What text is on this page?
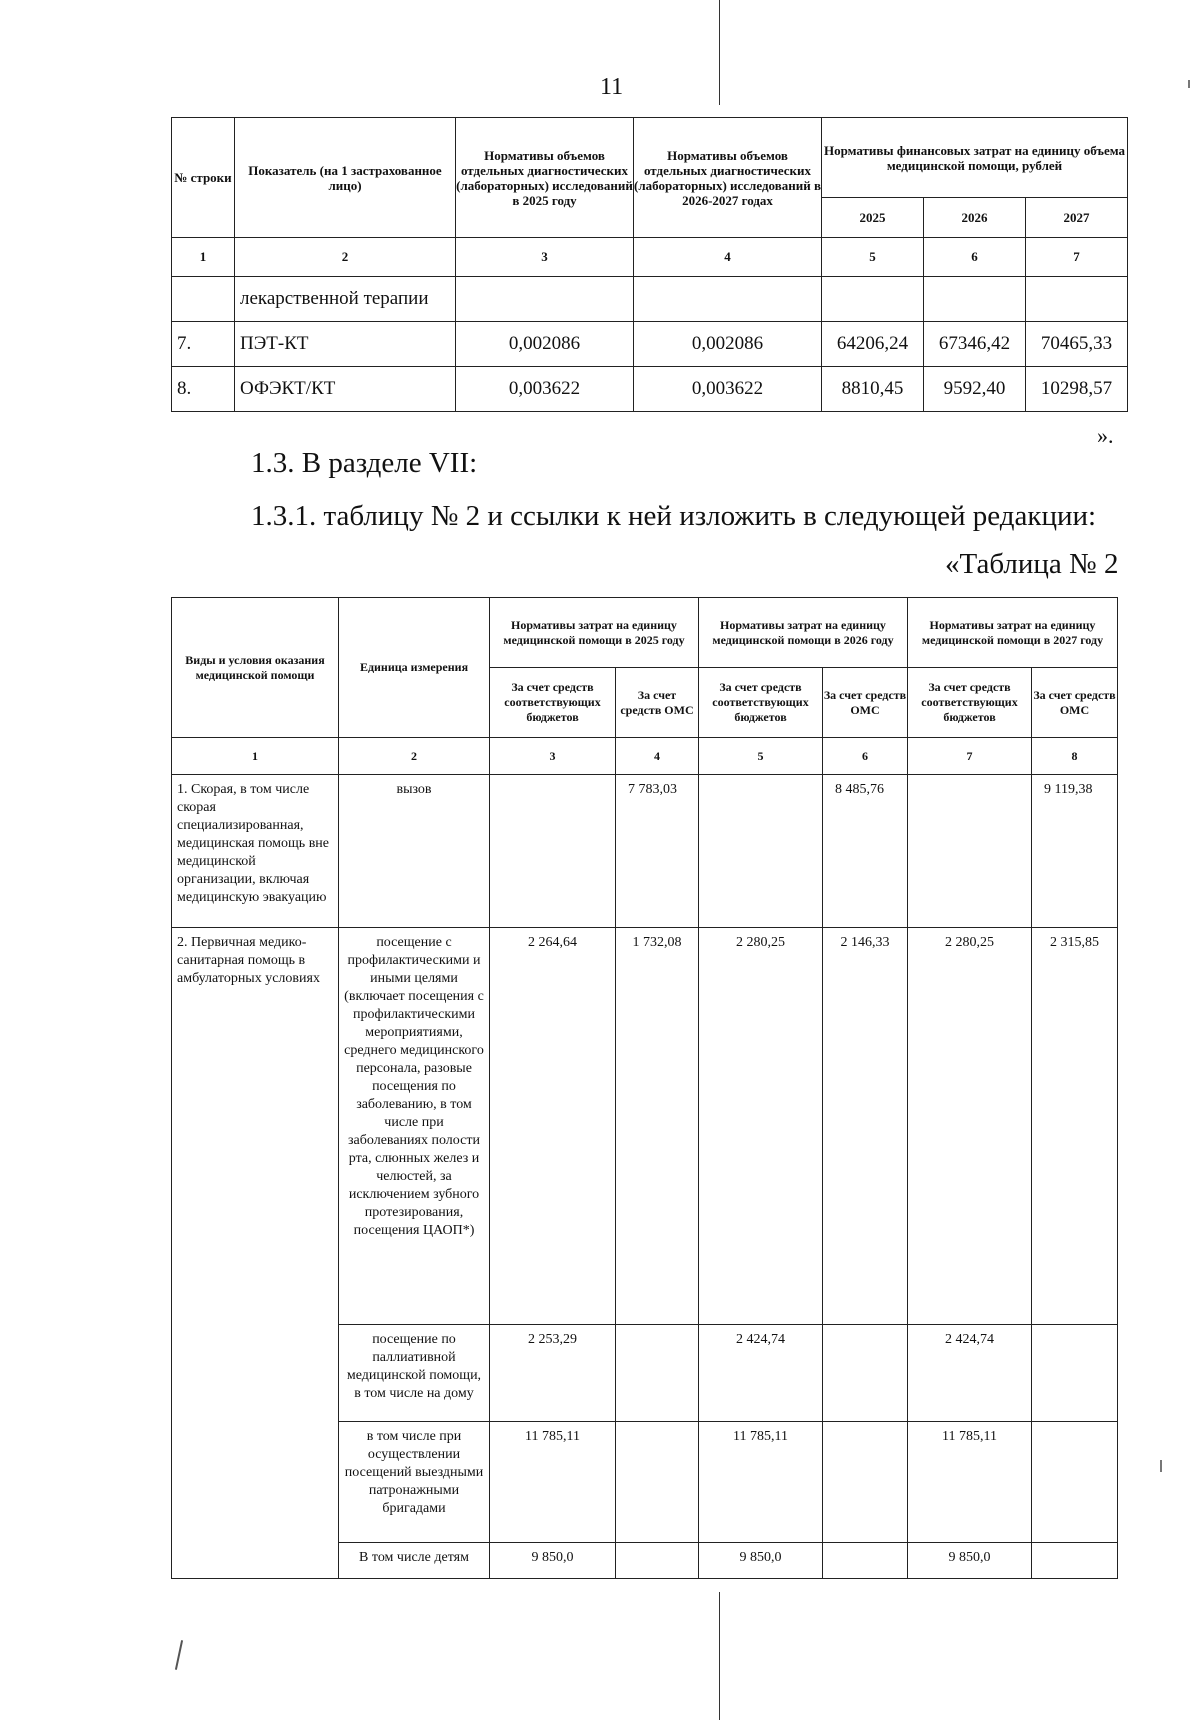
11
№ строки	Показатель (на 1 застрахованное лицо)	Нормативы объемов отдельных диагностических (лабораторных) исследований в 2025 году	Нормативы объемов отдельных диагностических (лабораторных) исследований в 2026-2027 годах	Нормативы финансовых затрат на единицу объема медицинской помощи, рублей		
				2025	2026	2027
1	2	3	4	5	6	7
	лекарственной терапии					
7.	ПЭТ-КТ	0,002086	0,002086	64206,24	67346,42	70465,33
8.	ОФЭКТ/КТ	0,003622	0,003622	8810,45	9592,40	10298,57
».
1.3. В разделе VII:
1.3.1. таблицу № 2 и ссылки к ней изложить в следующей редакции:
«Таблица № 2
Виды и условия оказания медицинской помощи	Единица измерения	Нормативы затрат на единицу медицинской помощи в 2025 году		Нормативы затрат на единицу медицинской помощи в 2026 году		Нормативы затрат на единицу медицинской помощи в 2027 году	
		За счет средств соответствующих бюджетов	За счет средств ОМС	За счет средств соответствующих бюджетов	За счет средств ОМС	За счет средств соответствующих бюджетов	За счет средств ОМС
1	2	3	4	5	6	7	8
1. Скорая, в том числе скорая специализированная, медицинская помощь вне медицинской организации, включая медицинскую эвакуацию	вызов		7 783,03		8 485,76		9 119,38
2. Первичная медико-санитарная помощь в амбулаторных условиях	посещение с профилактическими и иными целями (включает посещения с профилактическими мероприятиями, среднего медицинского персонала, разовые посещения по заболеванию, в том числе при заболеваниях полости рта, слюнных желез и челюстей, за исключением зубного протезирования, посещения ЦАОП*)	2 264,64	1 732,08	2 280,25	2 146,33	2 280,25	2 315,85
	посещение по паллиативной медицинской помощи, в том числе на дому	2 253,29		2 424,74		2 424,74	
	в том числе при осуществлении посещений выездными патронажными бригадами	11 785,11		11 785,11		11 785,11	
	В том числе детям	9 850,0		9 850,0		9 850,0	
